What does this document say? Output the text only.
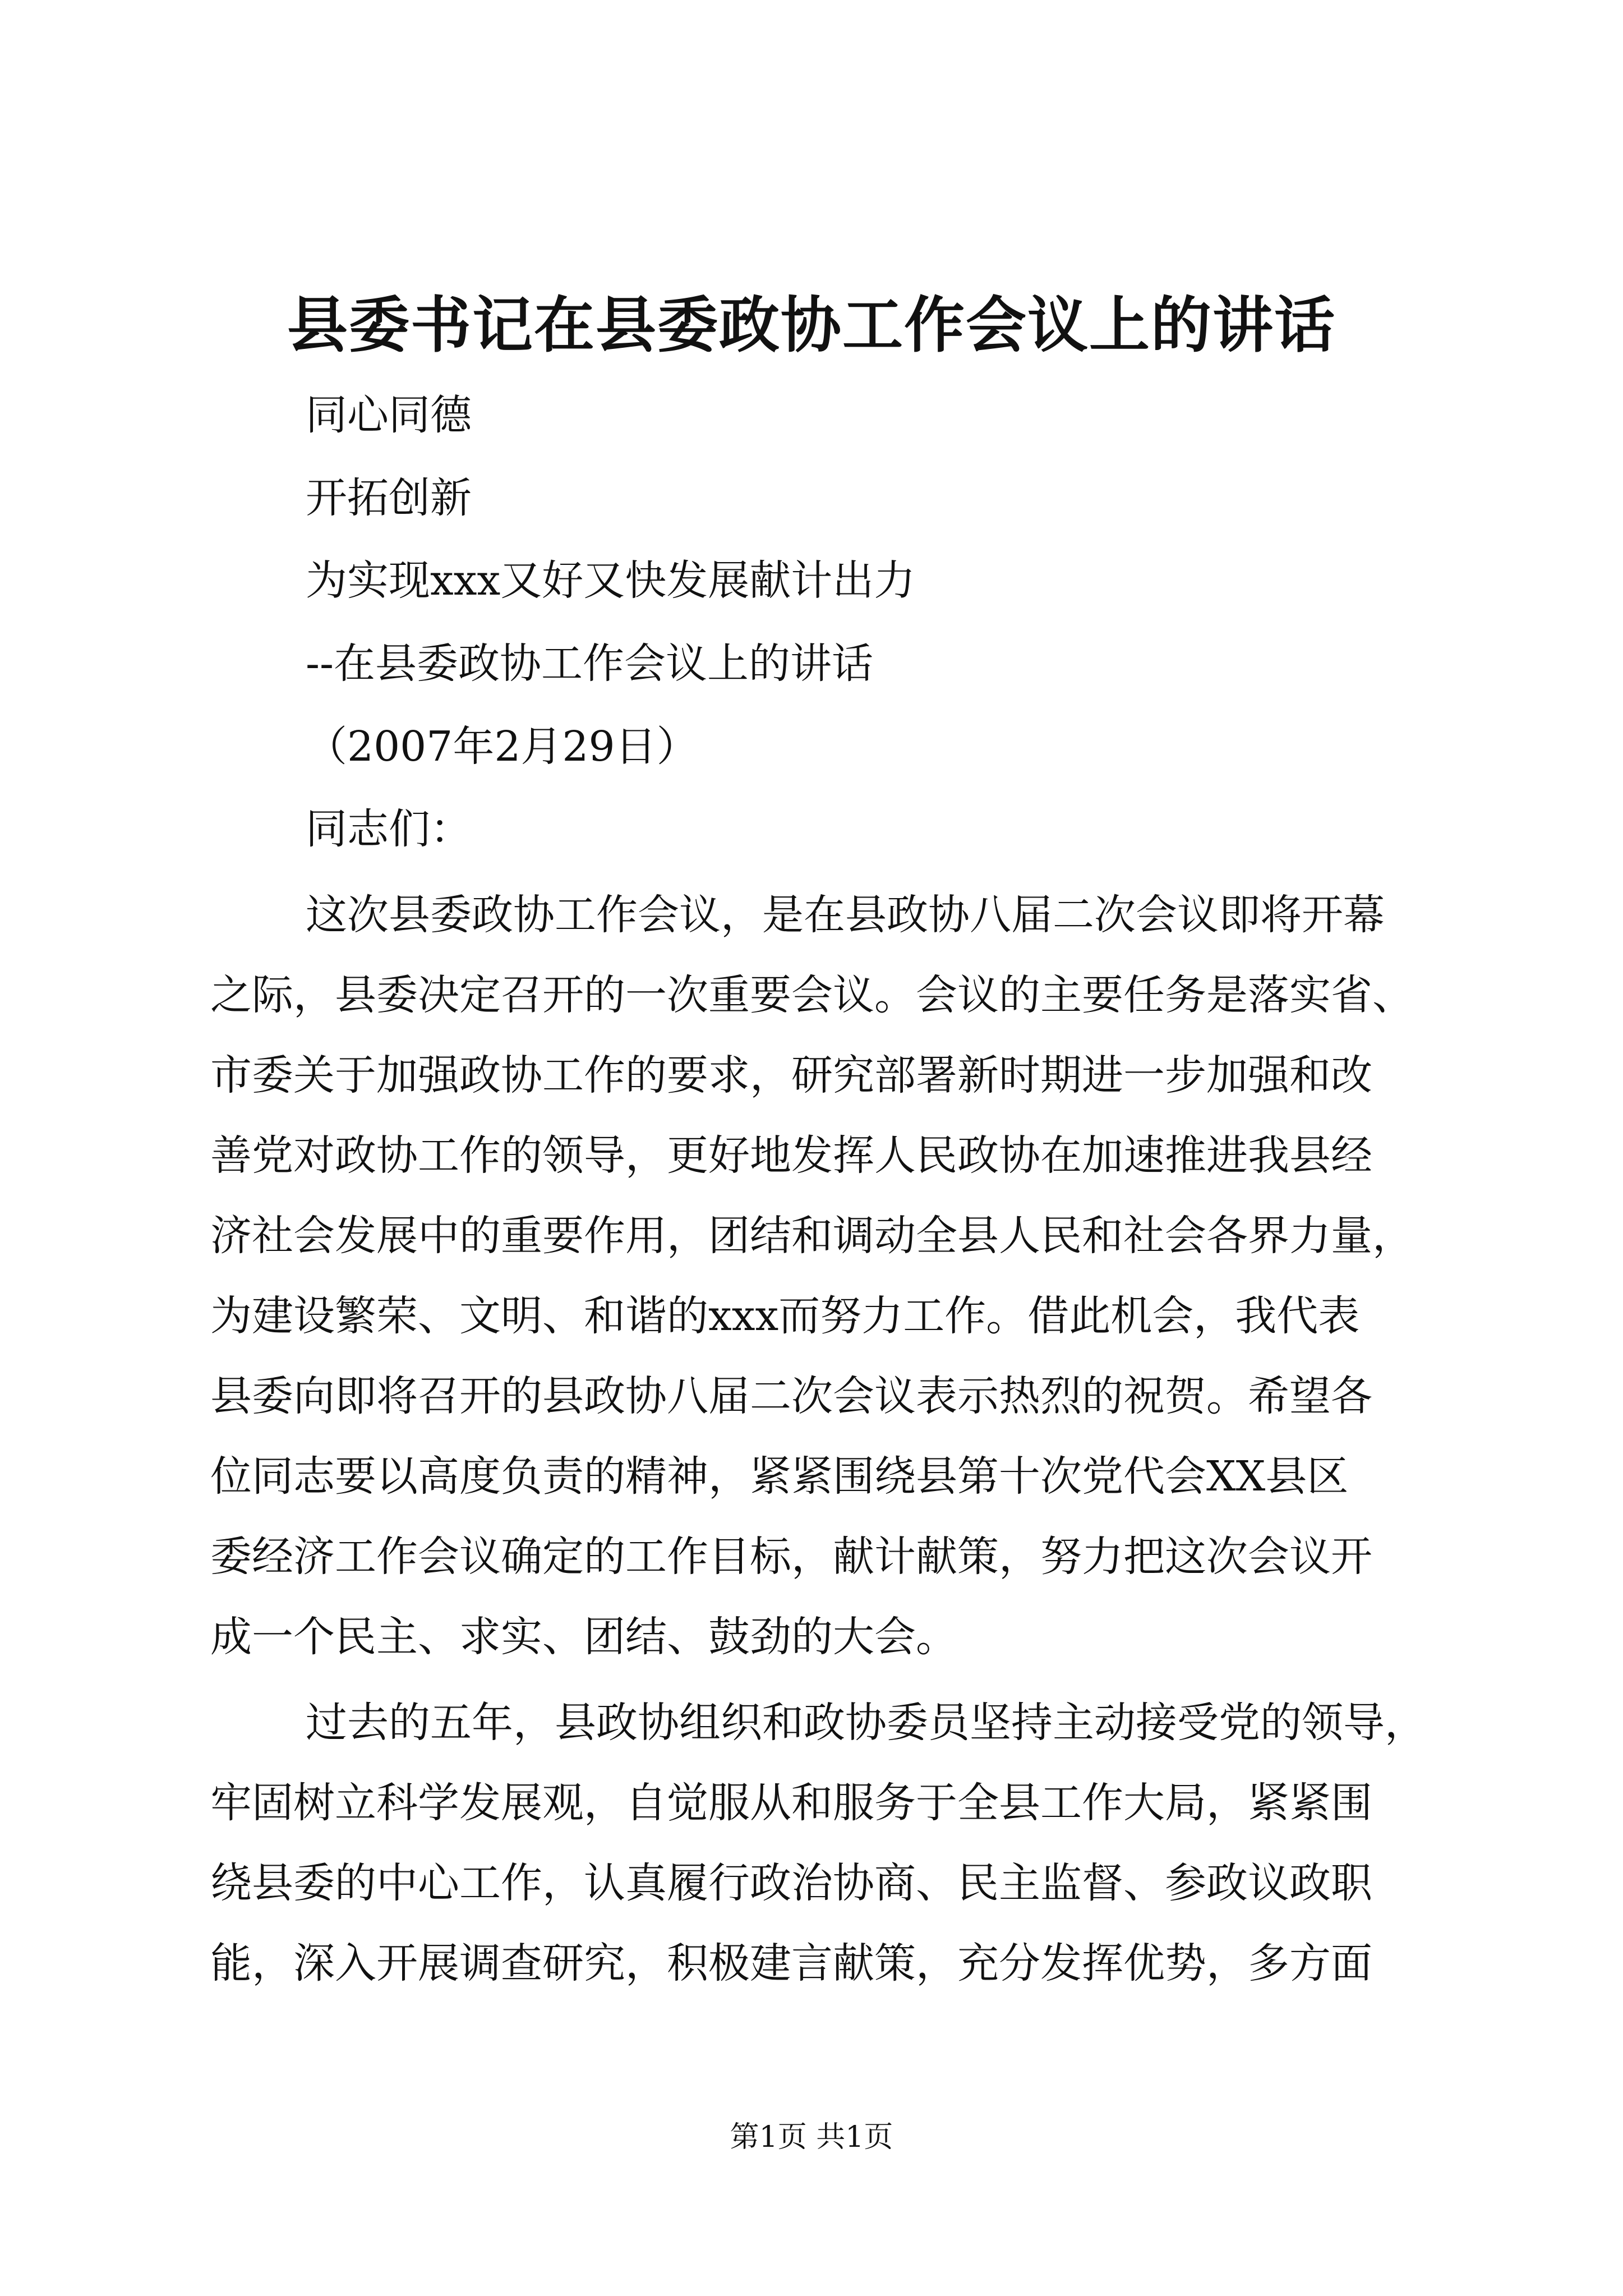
县委书记在县委政协工作会议上的讲话

同心同德

开拓创新

为实现xxx又好又快发展献计出力

--在县委政协工作会议上的讲话

（2007年2月29日）

同志们：

这次县委政协工作会议，是在县政协八届二次会议即将开幕
之际，县委决定召开的一次重要会议。会议的主要任务是落实省、
市委关于加强政协工作的要求，研究部署新时期进一步加强和改
善党对政协工作的领导，更好地发挥人民政协在加速推进我县经
济社会发展中的重要作用，团结和调动全县人民和社会各界力量，
为建设繁荣、文明、和谐的xxx而努力工作。借此机会，我代表
县委向即将召开的县政协八届二次会议表示热烈的祝贺。希望各
位同志要以高度负责的精神，紧紧围绕县第十次党代会XX县区
委经济工作会议确定的工作目标，献计献策，努力把这次会议开
成一个民主、求实、团结、鼓劲的大会。
过去的五年，县政协组织和政协委员坚持主动接受党的领导，
牢固树立科学发展观，自觉服从和服务于全县工作大局，紧紧围
绕县委的中心工作，认真履行政治协商、民主监督、参政议政职
能，深入开展调查研究，积极建言献策，充分发挥优势，多方面

第1页 共1页
